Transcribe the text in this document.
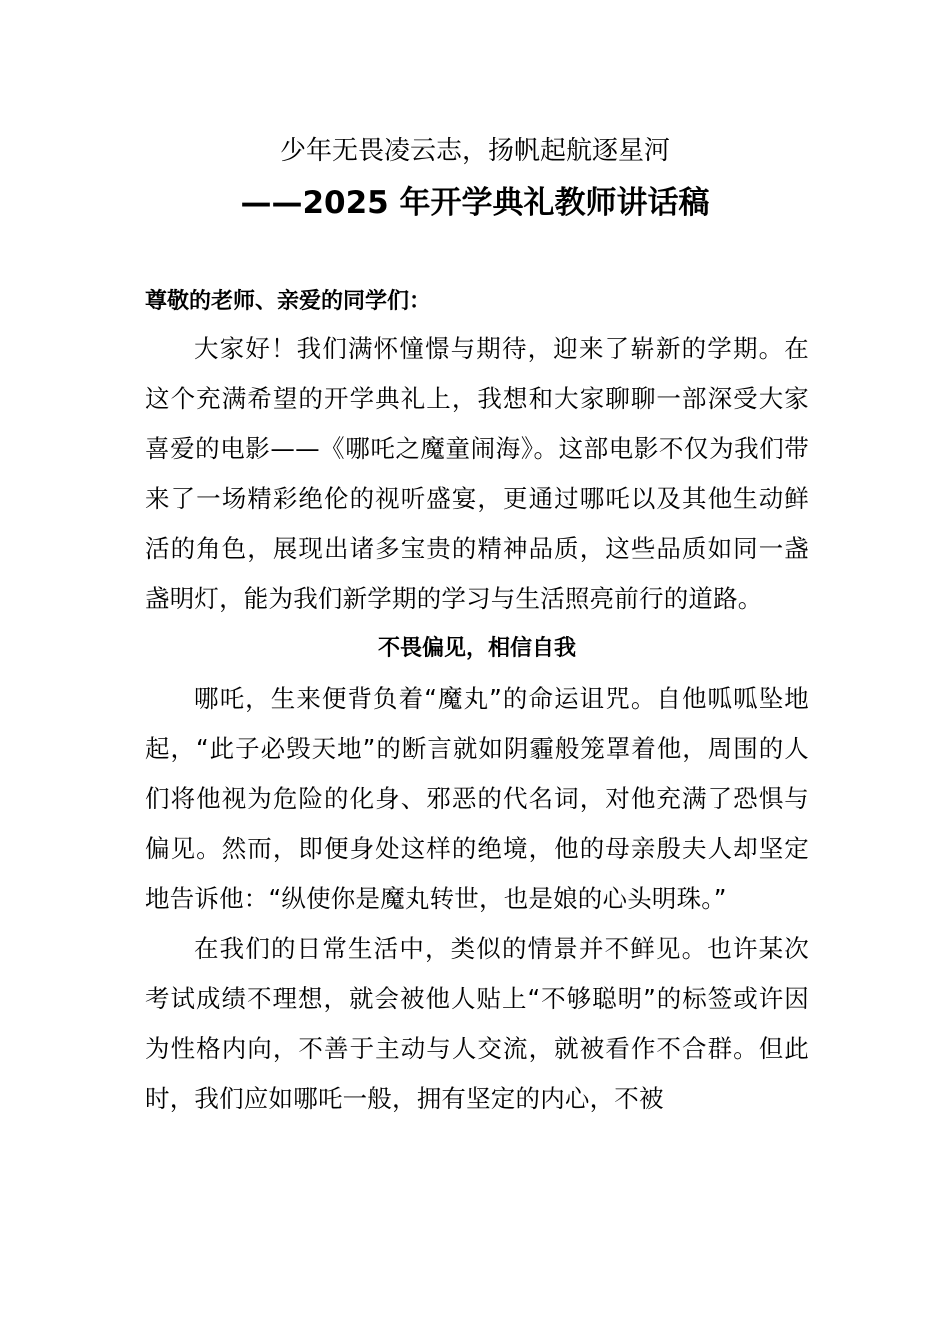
少年无畏凌云志，扬帆起航逐星河
——2025 年开学典礼教师讲话稿

尊敬的老师、亲爱的同学们：

大家好！我们满怀憧憬与期待，迎来了崭新的学期。在这个充满希望的开学典礼上，我想和大家聊聊一部深受大家喜爱的电影——《哪吒之魔童闹海》。这部电影不仅为我们带来了一场精彩绝伦的视听盛宴，更通过哪吒以及其他生动鲜活的角色，展现出诸多宝贵的精神品质，这些品质如同一盏盏明灯，能为我们新学期的学习与生活照亮前行的道路。

不畏偏见，相信自我

哪吒，生来便背负着“魔丸”的命运诅咒。自他呱呱坠地起，“此子必毁天地”的断言就如阴霾般笼罩着他，周围的人们将他视为危险的化身、邪恶的代名词，对他充满了恐惧与偏见。然而，即便身处这样的绝境，他的母亲殷夫人却坚定地告诉他：“纵使你是魔丸转世，也是娘的心头明珠。”

在我们的日常生活中，类似的情景并不鲜见。也许某次考试成绩不理想，就会被他人贴上“不够聪明”的标签或许因为性格内向，不善于主动与人交流，就被看作不合群。但此时，我们应如哪吒一般，拥有坚定的内心，不被
